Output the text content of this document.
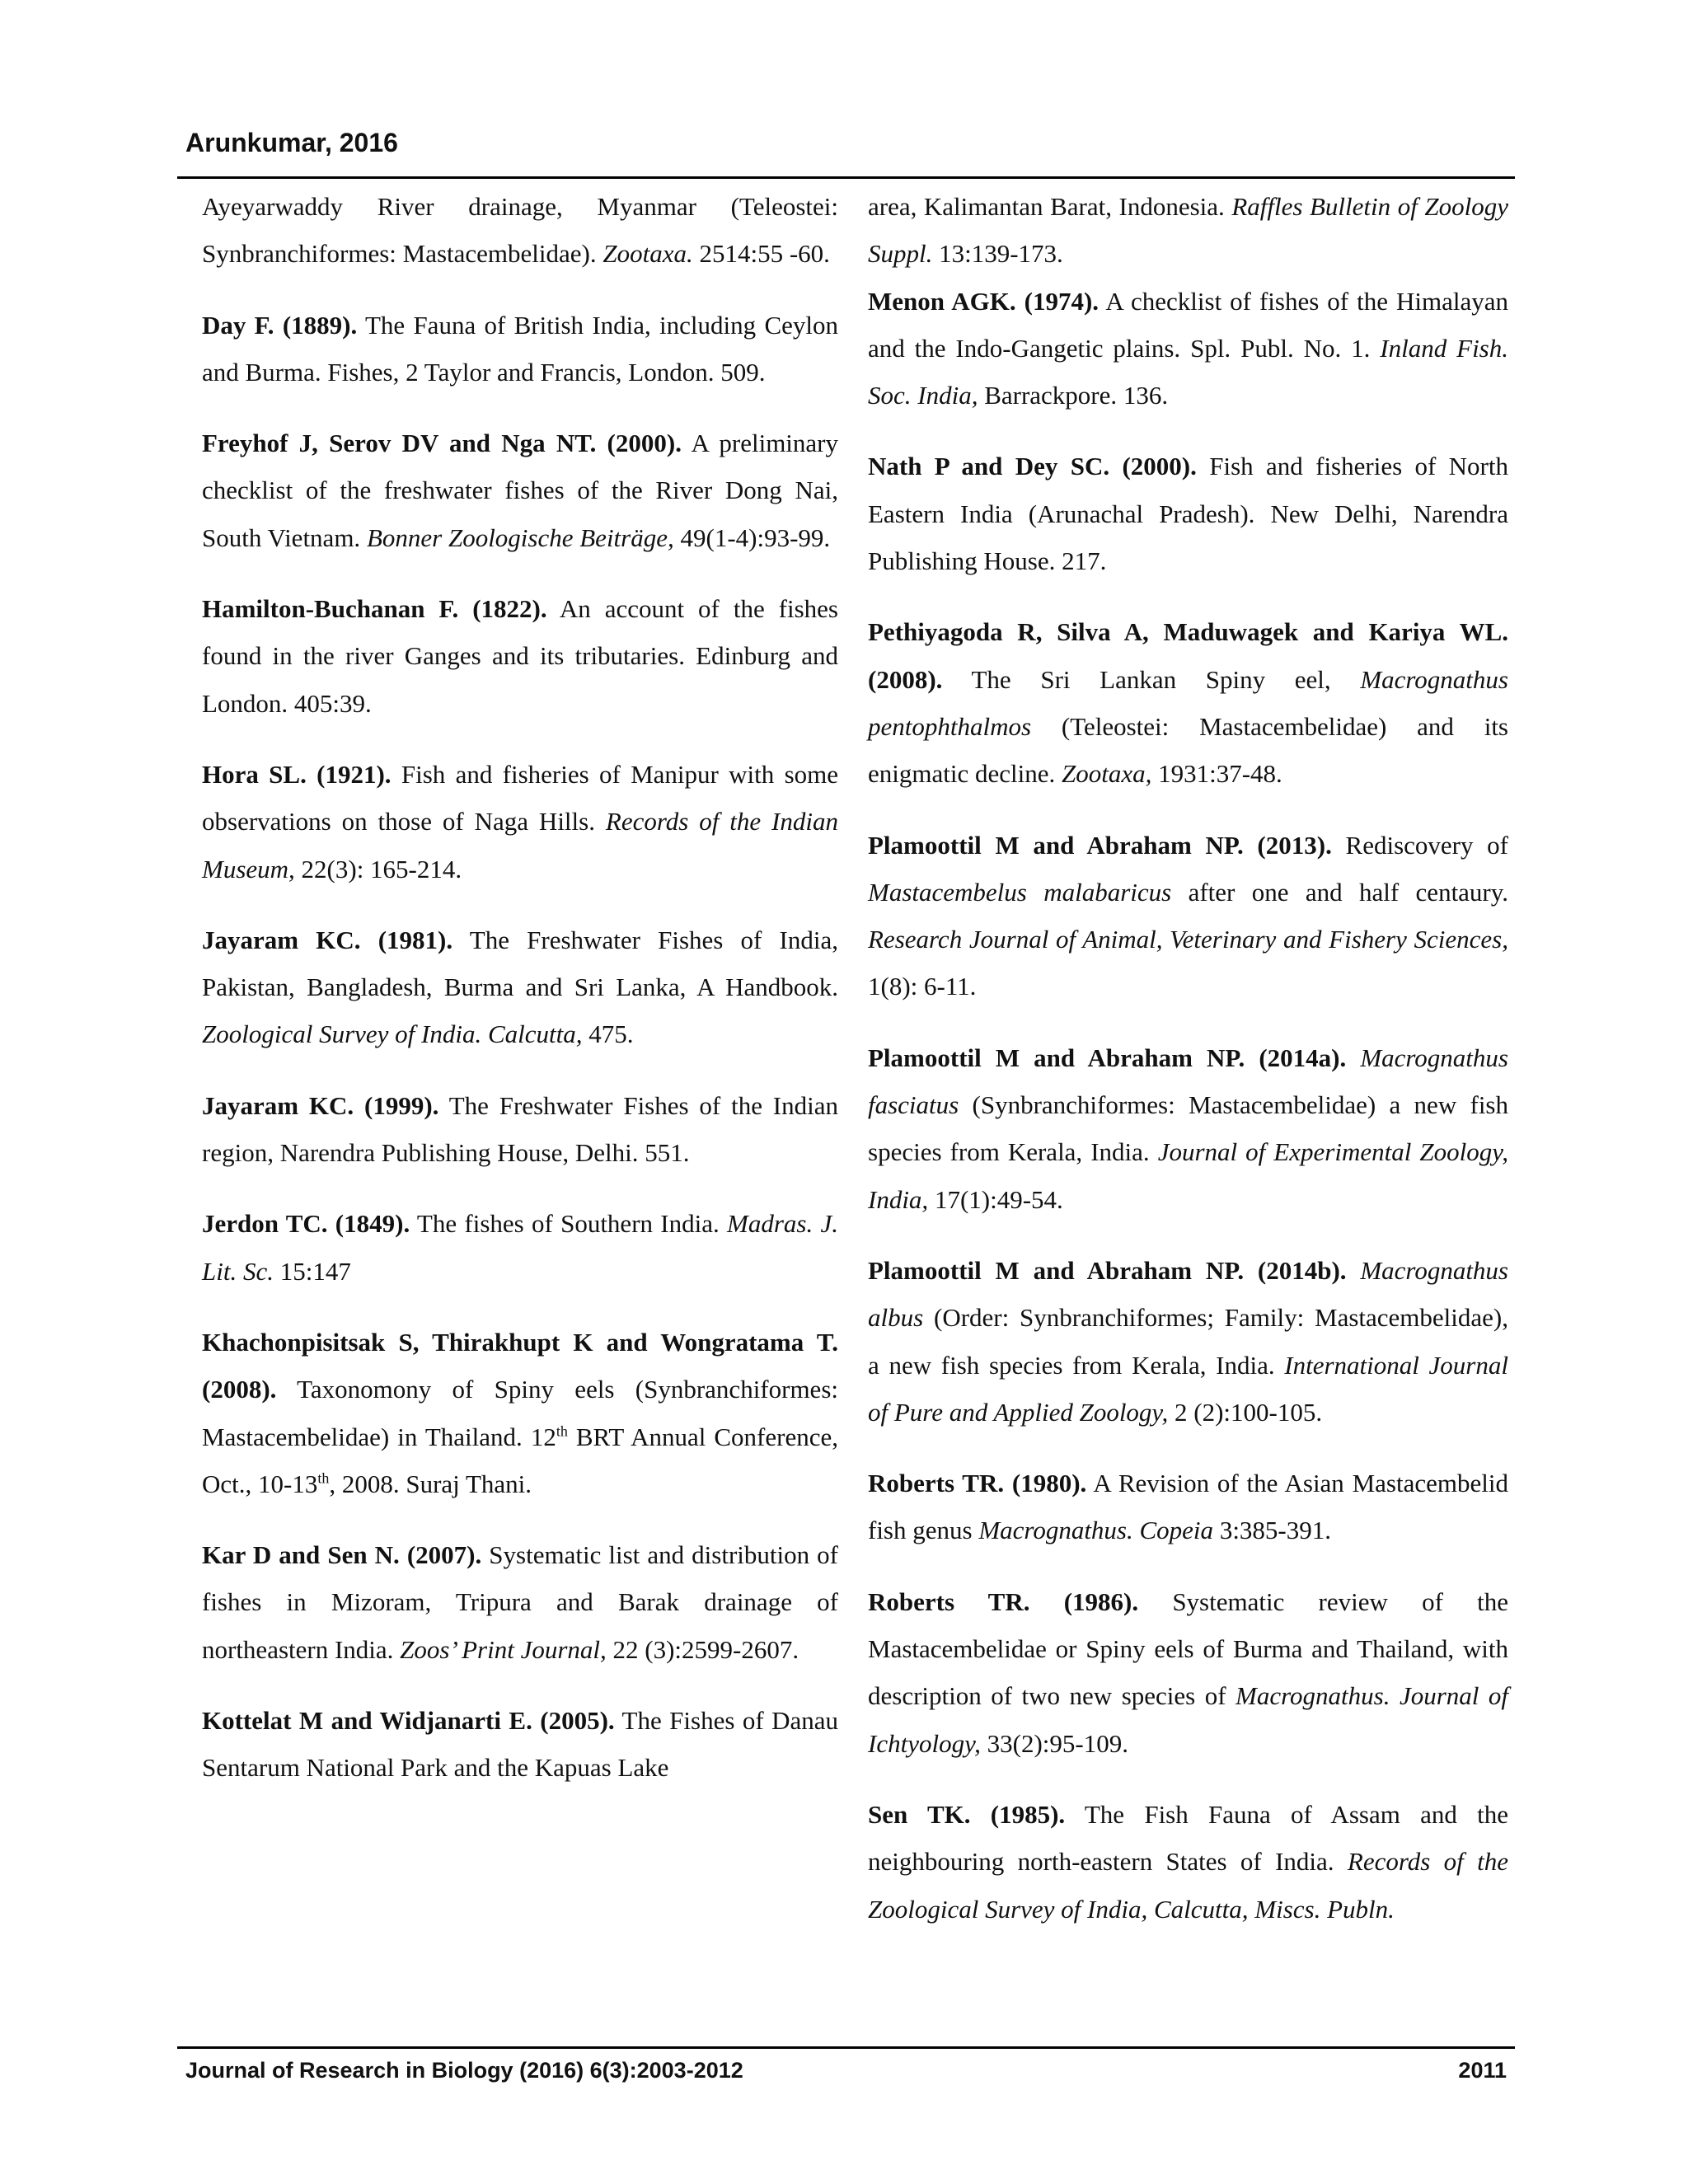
Arunkumar, 2016

Ayeyarwaddy River drainage, Myanmar (Teleostei: Synbranchiformes: Mastacembelidae). Zootaxa. 2514:55 -60.

Day F. (1889). The Fauna of British India, including Ceylon and Burma. Fishes, 2 Taylor and Francis, London. 509.

Freyhof J, Serov DV and Nga NT. (2000). A preliminary checklist of the freshwater fishes of the River Dong Nai, South Vietnam. Bonner Zoologische Beiträge, 49(1-4):93-99.

Hamilton-Buchanan F. (1822). An account of the fishes found in the river Ganges and its tributaries. Edinburg and London. 405:39.

Hora SL. (1921). Fish and fisheries of Manipur with some observations on those of Naga Hills. Records of the Indian Museum, 22(3): 165-214.

Jayaram KC. (1981). The Freshwater Fishes of India, Pakistan, Bangladesh, Burma and Sri Lanka, A Handbook. Zoological Survey of India. Calcutta, 475.

Jayaram KC. (1999). The Freshwater Fishes of the Indian region, Narendra Publishing House, Delhi. 551.

Jerdon TC. (1849). The fishes of Southern India. Madras. J. Lit. Sc. 15:147

Khachonpisitsak S, Thirakhupt K and Wongratama T. (2008). Taxonomony of Spiny eels (Synbranchiformes: Mastacembelidae) in Thailand. 12th BRT Annual Conference, Oct., 10-13th, 2008. Suraj Thani.

Kar D and Sen N. (2007). Systematic list and distribution of fishes in Mizoram, Tripura and Barak drainage of northeastern India. Zoos’ Print Journal, 22 (3):2599-2607.

Kottelat M and Widjanarti E. (2005). The Fishes of Danau Sentarum National Park and the Kapuas Lake

area, Kalimantan Barat, Indonesia. Raffles Bulletin of Zoology Suppl. 13:139-173.

Menon AGK. (1974). A checklist of fishes of the Himalayan and the Indo-Gangetic plains. Spl. Publ. No. 1. Inland Fish. Soc. India, Barrackpore. 136.

Nath P and Dey SC. (2000). Fish and fisheries of North Eastern India (Arunachal Pradesh). New Delhi, Narendra Publishing House. 217.

Pethiyagoda R, Silva A, Maduwagek and Kariya WL. (2008). The Sri Lankan Spiny eel, Macrognathus pentophthalmos (Teleostei: Mastacembelidae) and its enigmatic decline. Zootaxa, 1931:37-48.

Plamoottil M and Abraham NP. (2013). Rediscovery of Mastacembelus malabaricus after one and half centaury. Research Journal of Animal, Veterinary and Fishery Sciences, 1(8): 6-11.

Plamoottil M and Abraham NP. (2014a). Macrognathus fasciatus (Synbranchiformes: Mastacembelidae) a new fish species from Kerala, India. Journal of Experimental Zoology, India, 17(1):49-54.

Plamoottil M and Abraham NP. (2014b). Macrognathus albus (Order: Synbranchiformes; Family: Mastacembelidae), a new fish species from Kerala, India. International Journal of Pure and Applied Zoology, 2 (2):100-105.

Roberts TR. (1980). A Revision of the Asian Mastacembelid fish genus Macrognathus. Copeia 3:385-391.

Roberts TR. (1986). Systematic review of the Mastacembelidae or Spiny eels of Burma and Thailand, with description of two new species of Macrognathus. Journal of Ichtyology, 33(2):95-109.

Sen TK. (1985). The Fish Fauna of Assam and the neighbouring north-eastern States of India. Records of the Zoological Survey of India, Calcutta, Miscs. Publn.

Journal of Research in Biology (2016) 6(3):2003-2012	2011
